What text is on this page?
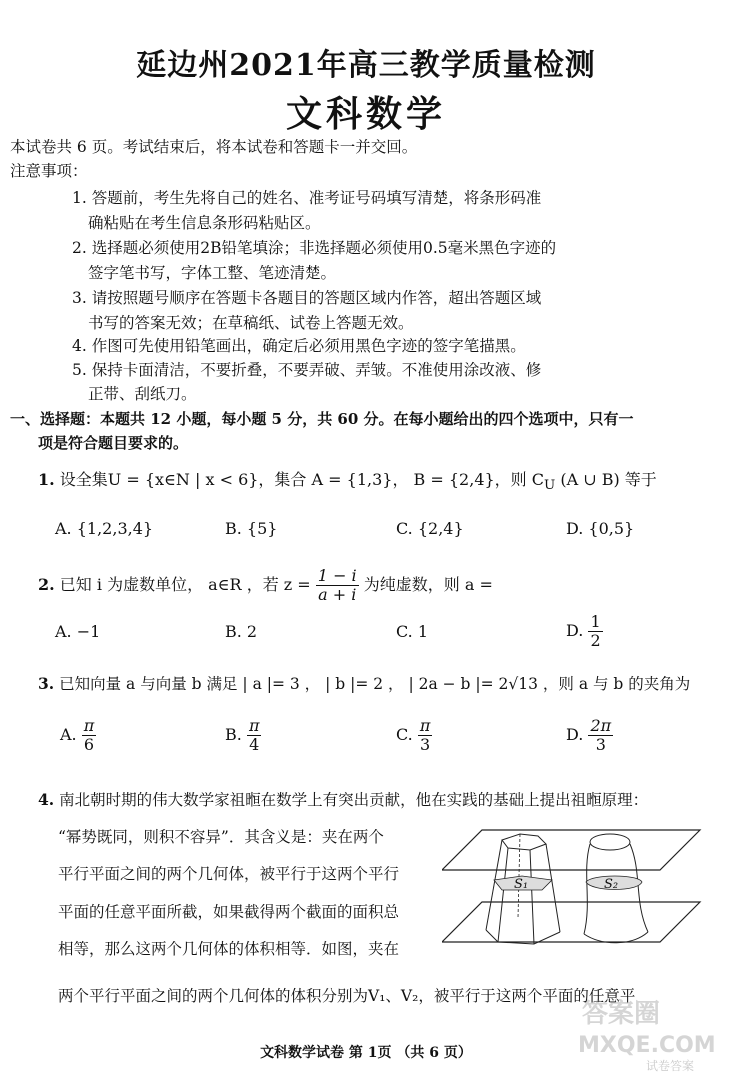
延边州2021年高三教学质量检测
文科数学
本试卷共 6 页。考试结束后，将本试卷和答题卡一并交回。
注意事项：
1. 答题前，考生先将自己的姓名、准考证号码填写清楚，将条形码准
确粘贴在考生信息条形码粘贴区。
2. 选择题必须使用2B铅笔填涂；非选择题必须使用0.5毫米黑色字迹的
签字笔书写，字体工整、笔迹清楚。
3. 请按照题号顺序在答题卡各题目的答题区域内作答，超出答题区域
书写的答案无效；在草稿纸、试卷上答题无效。
4. 作图可先使用铅笔画出，确定后必须用黑色字迹的签字笔描黑。
5. 保持卡面清洁，不要折叠，不要弄破、弄皱。不准使用涂改液、修
正带、刮纸刀。
一、选择题：本题共 12 小题，每小题 5 分，共 60 分。在每小题给出的四个选项中，只有一
项是符合题目要求的。
1. 设全集U = {x∈N | x < 6}，集合 A = {1,3}， B = {2,4}，则 $C_U$ (A ∪ B) 等于
A. {1,2,3,4}	B. {5}	C. {2,4}	D. {0,5}
2. 已知 i 为虚数单位， a∈R ，若 $z = \frac{1 - i}{a + i}$ 为纯虚数，则 a =
A. −1	B. 2	C. 1	D. $\frac{1}{2}$
3. 已知向量 a 与向量 b 满足 | a |= 3 ， | b |= 2 ， | 2a − b |= 2√13 ，则 a 与 b 的夹角为
A. $\frac{\pi}{6}$	B. $\frac{\pi}{4}$	C. $\frac{\pi}{3}$	D. $\frac{2\pi}{3}$
4. 南北朝时期的伟大数学家祖暅在数学上有突出贡献，他在实践的基础上提出祖暅原理：
“幂势既同，则积不容异”．其含义是：夹在两个
平行平面之间的两个几何体，被平行于这两个平行
平面的任意平面所截，如果截得两个截面的面积总
相等，那么这两个几何体的体积相等．如图，夹在
两个平行平面之间的两个几何体的体积分别为V₁、V₂，被平行于这两个平面的任意平
S₁	S₂
文科数学试卷 第 1页 （共 6 页）
答案圈
MXQE.COM
试卷答案
